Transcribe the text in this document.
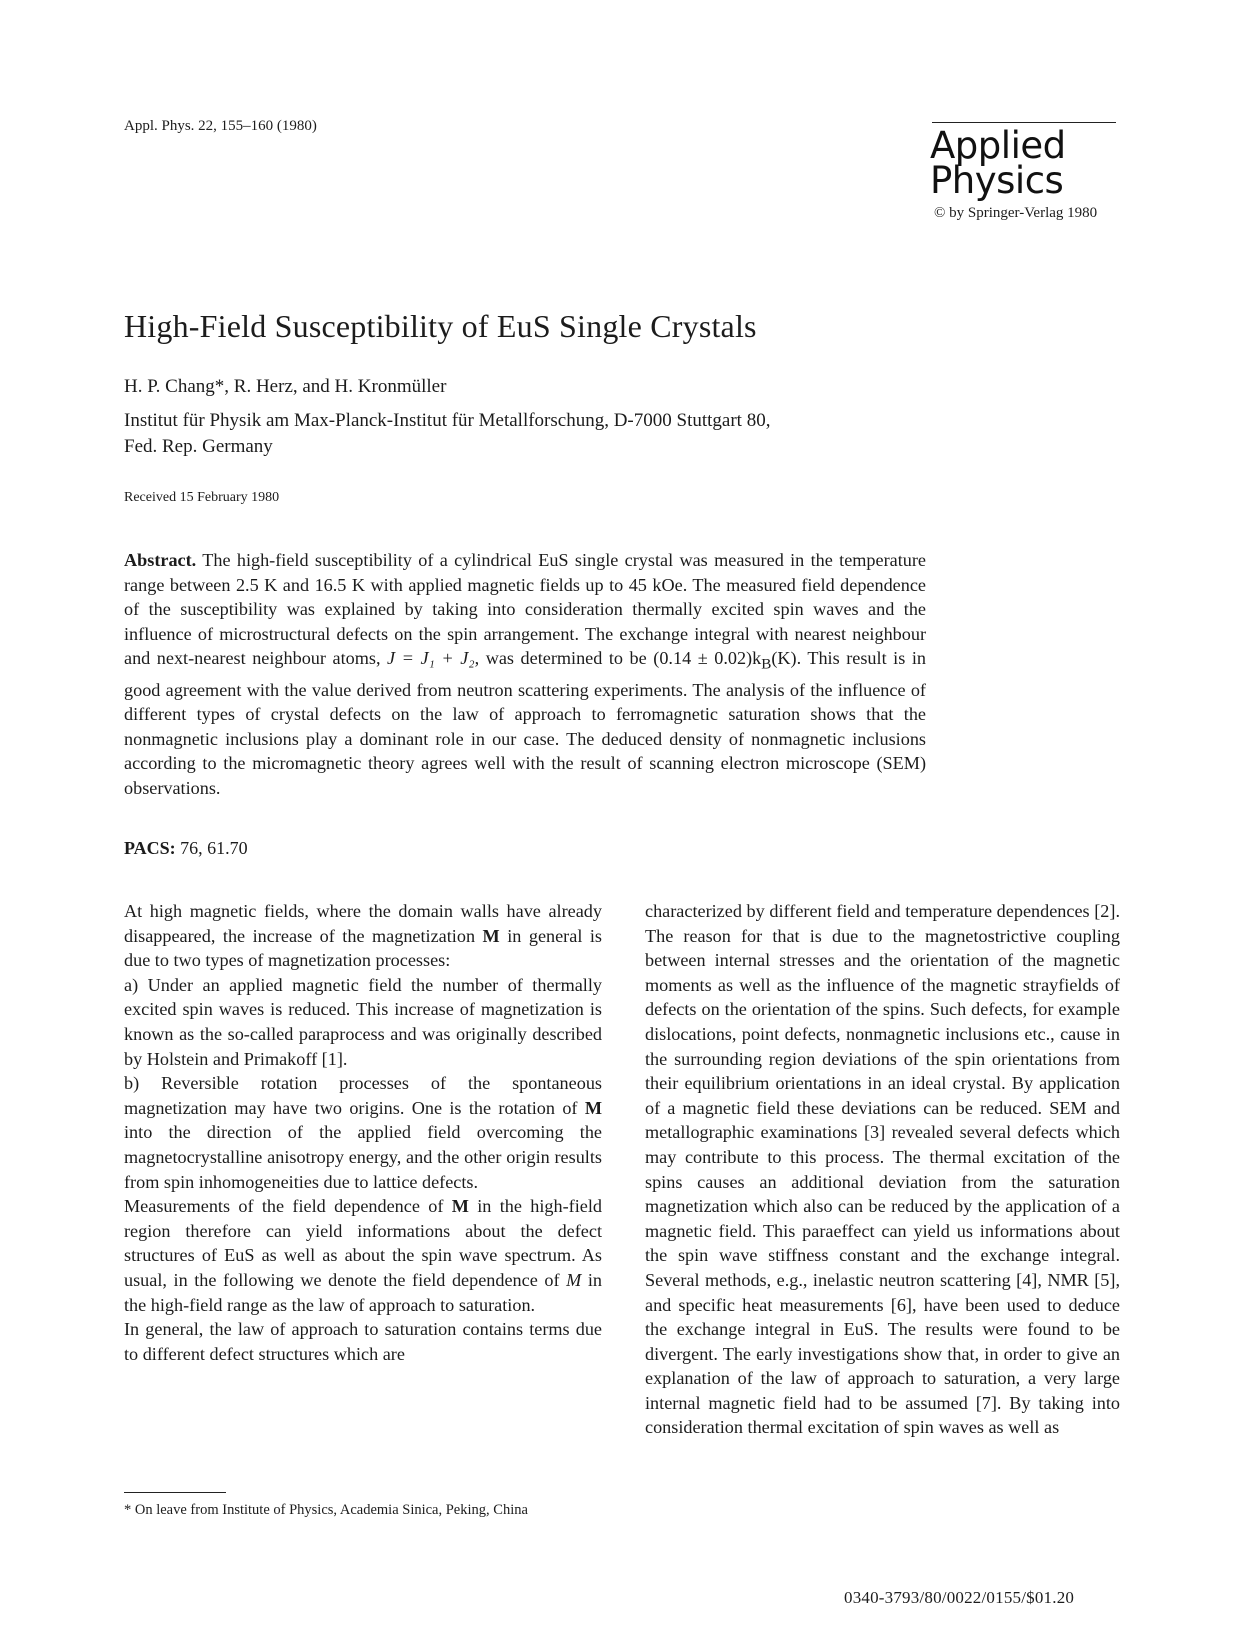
Appl. Phys. 22, 155–160 (1980)	Applied
Physics
© by Springer-Verlag 1980
High-Field Susceptibility of EuS Single Crystals
H. P. Chang*, R. Herz, and H. Kronmüller
Institut für Physik am Max-Planck-Institut für Metallforschung, D-7000 Stuttgart 80,
Fed. Rep. Germany
Received 15 February 1980
Abstract. The high-field susceptibility of a cylindrical EuS single crystal was measured in the temperature range between 2.5 K and 16.5 K with applied magnetic fields up to 45 kOe. The measured field dependence of the susceptibility was explained by taking into consideration thermally excited spin waves and the influence of microstructural defects on the spin arrangement. The exchange integral with nearest neighbour and next-nearest neighbour atoms, J = J₁ + J₂, was determined to be $(0.14 \pm 0.02)k_B(K)$. This result is in good agreement with the value derived from neutron scattering experiments. The analysis of the influence of different types of crystal defects on the law of approach to ferromagnetic saturation shows that the nonmagnetic inclusions play a dominant role in our case. The deduced density of nonmagnetic inclusions according to the micromagnetic theory agrees well with the result of scanning electron microscope (SEM) observations.
PACS: 76, 61.70

At high magnetic fields, where the domain walls have already disappeared, the increase of the magnetization M in general is due to two types of magnetization processes:

a) Under an applied magnetic field the number of thermally excited spin waves is reduced. This increase of magnetization is known as the so-called paraprocess and was originally described by Holstein and Primakoff [1].

b) Reversible rotation processes of the spontaneous magnetization may have two origins. One is the rotation of M into the direction of the applied field overcoming the magnetocrystalline anisotropy energy, and the other origin results from spin inhomogeneities due to lattice defects.

Measurements of the field dependence of M in the high-field region therefore can yield informations about the defect structures of EuS as well as about the spin wave spectrum. As usual, in the following we denote the field dependence of M in the high-field range as the law of approach to saturation.

In general, the law of approach to saturation contains terms due to different defect structures which are

characterized by different field and temperature dependences [2]. The reason for that is due to the magnetostrictive coupling between internal stresses and the orientation of the magnetic moments as well as the influence of the magnetic strayfields of defects on the orientation of the spins. Such defects, for example dislocations, point defects, nonmagnetic inclusions etc., cause in the surrounding region deviations of the spin orientations from their equilibrium orientations in an ideal crystal. By application of a magnetic field these deviations can be reduced. SEM and metallographic examinations [3] revealed several defects which may contribute to this process. The thermal excitation of the spins causes an additional deviation from the saturation magnetization which also can be reduced by the application of a magnetic field. This paraeffect can yield us informations about the spin wave stiffness constant and the exchange integral. Several methods, e.g., inelastic neutron scattering [4], NMR [5], and specific heat measurements [6], have been used to deduce the exchange integral in EuS. The results were found to be divergent. The early investigations show that, in order to give an explanation of the law of approach to saturation, a very large internal magnetic field had to be assumed [7]. By taking into consideration thermal excitation of spin waves as well as

* On leave from Institute of Physics, Academia Sinica, Peking, China
0340-3793/80/0022/0155/$01.20
